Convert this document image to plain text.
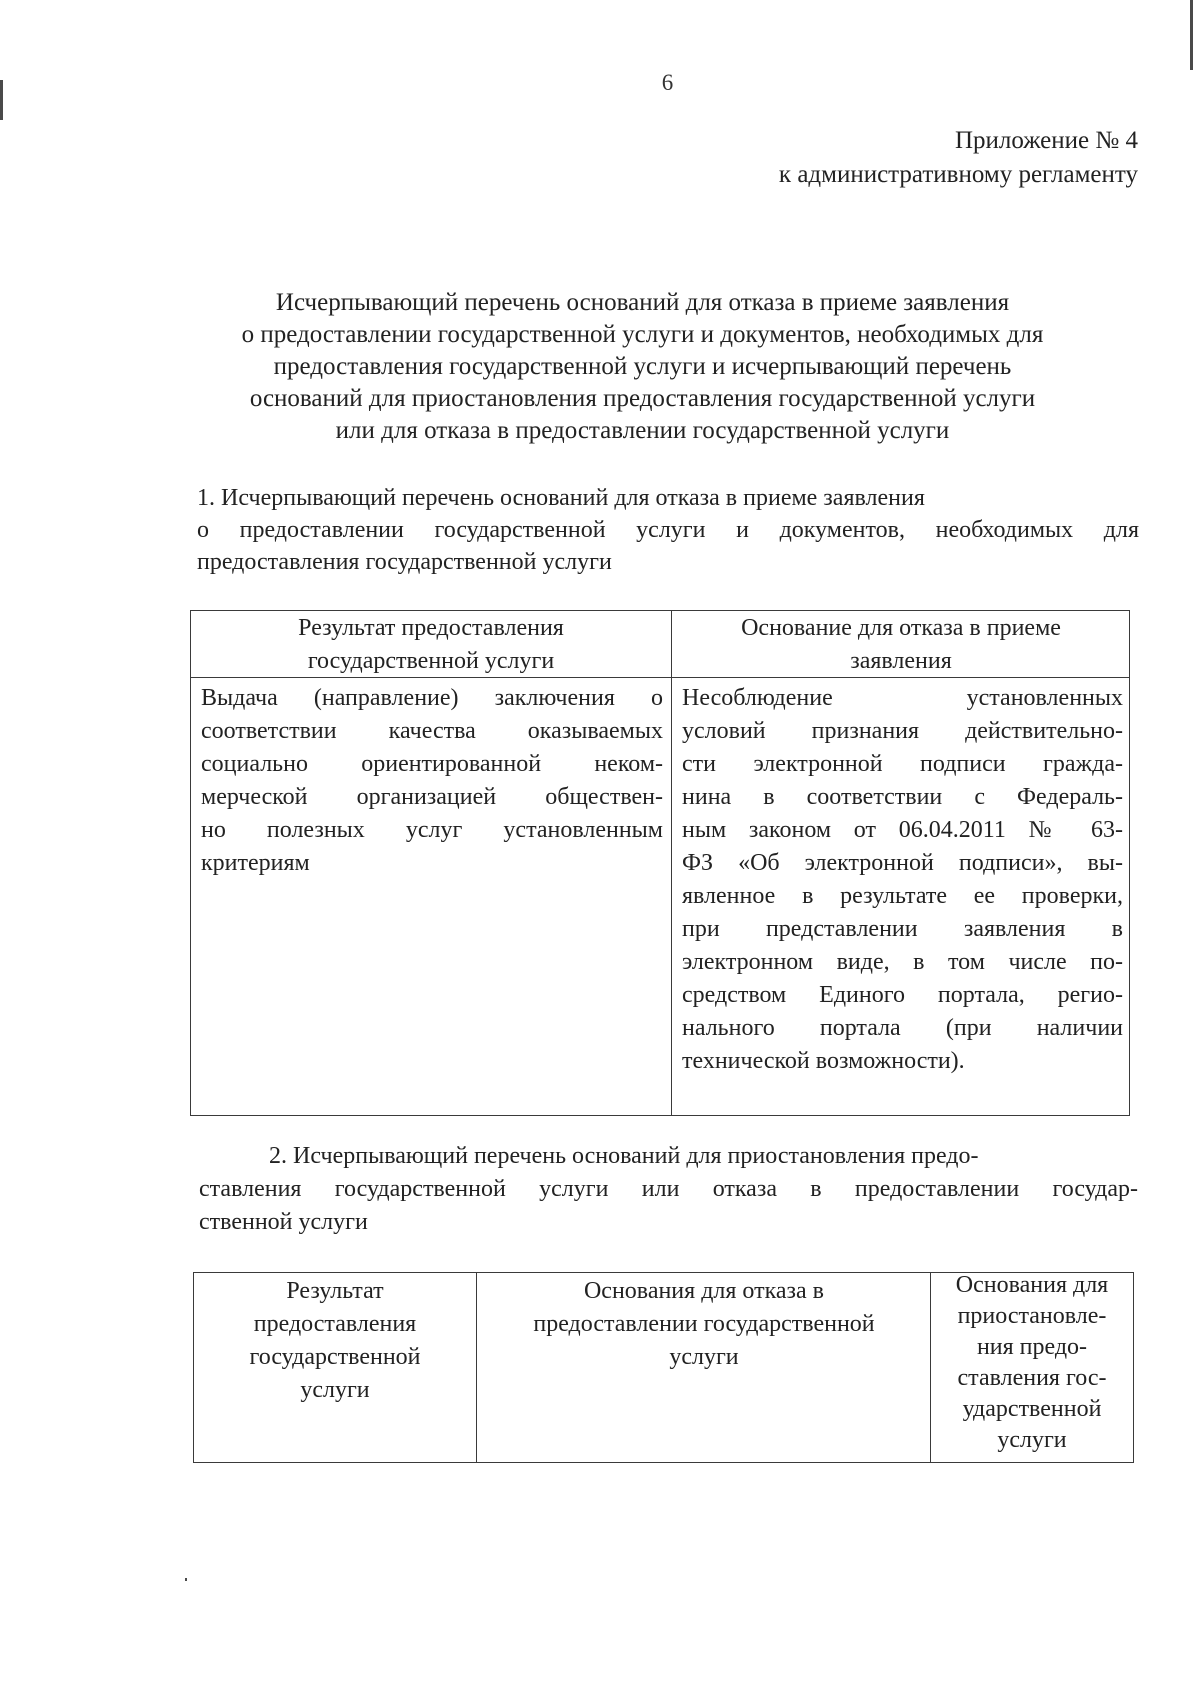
6
Приложение № 4
к административному регламенту
Исчерпывающий перечень оснований для отказа в приеме заявления
о предоставлении государственной услуги и документов, необходимых для
предоставления государственной услуги и исчерпывающий перечень
оснований для приостановления предоставления государственной услуги
или для отказа в предоставлении государственной услуги
1. Исчерпывающий перечень оснований для отказа в приеме заявления
о предоставлении государственной услуги и документов, необходимых для
предоставления государственной услуги
Результат предоставления
государственной услуги
Основание для отказа в приеме
заявления
Выдача (направление) заключения о
соответствии качества оказываемых
социально ориентированной неком-
мерческой организацией обществен-
но полезных услуг установленным
критериям
Несоблюдение установленных
условий признания действительно-
сти электронной подписи гражда-
нина в соответствии с Федераль-
ным законом от 06.04.2011 № 63-
ФЗ «Об электронной подписи», вы-
явленное в результате ее проверки,
при представлении заявления в
электронном виде, в том числе по-
средством Единого портала, регио-
нального портала (при наличии
технической возможности).
2. Исчерпывающий перечень оснований для приостановления предо-
ставления государственной услуги или отказа в предоставлении государ-
ственной услуги
Результат
предоставления
государственной
услуги
Основания для отказа в
предоставлении государственной
услуги
Основания для
приостановле-
ния предо-
ставления гос-
ударственной
услуги
